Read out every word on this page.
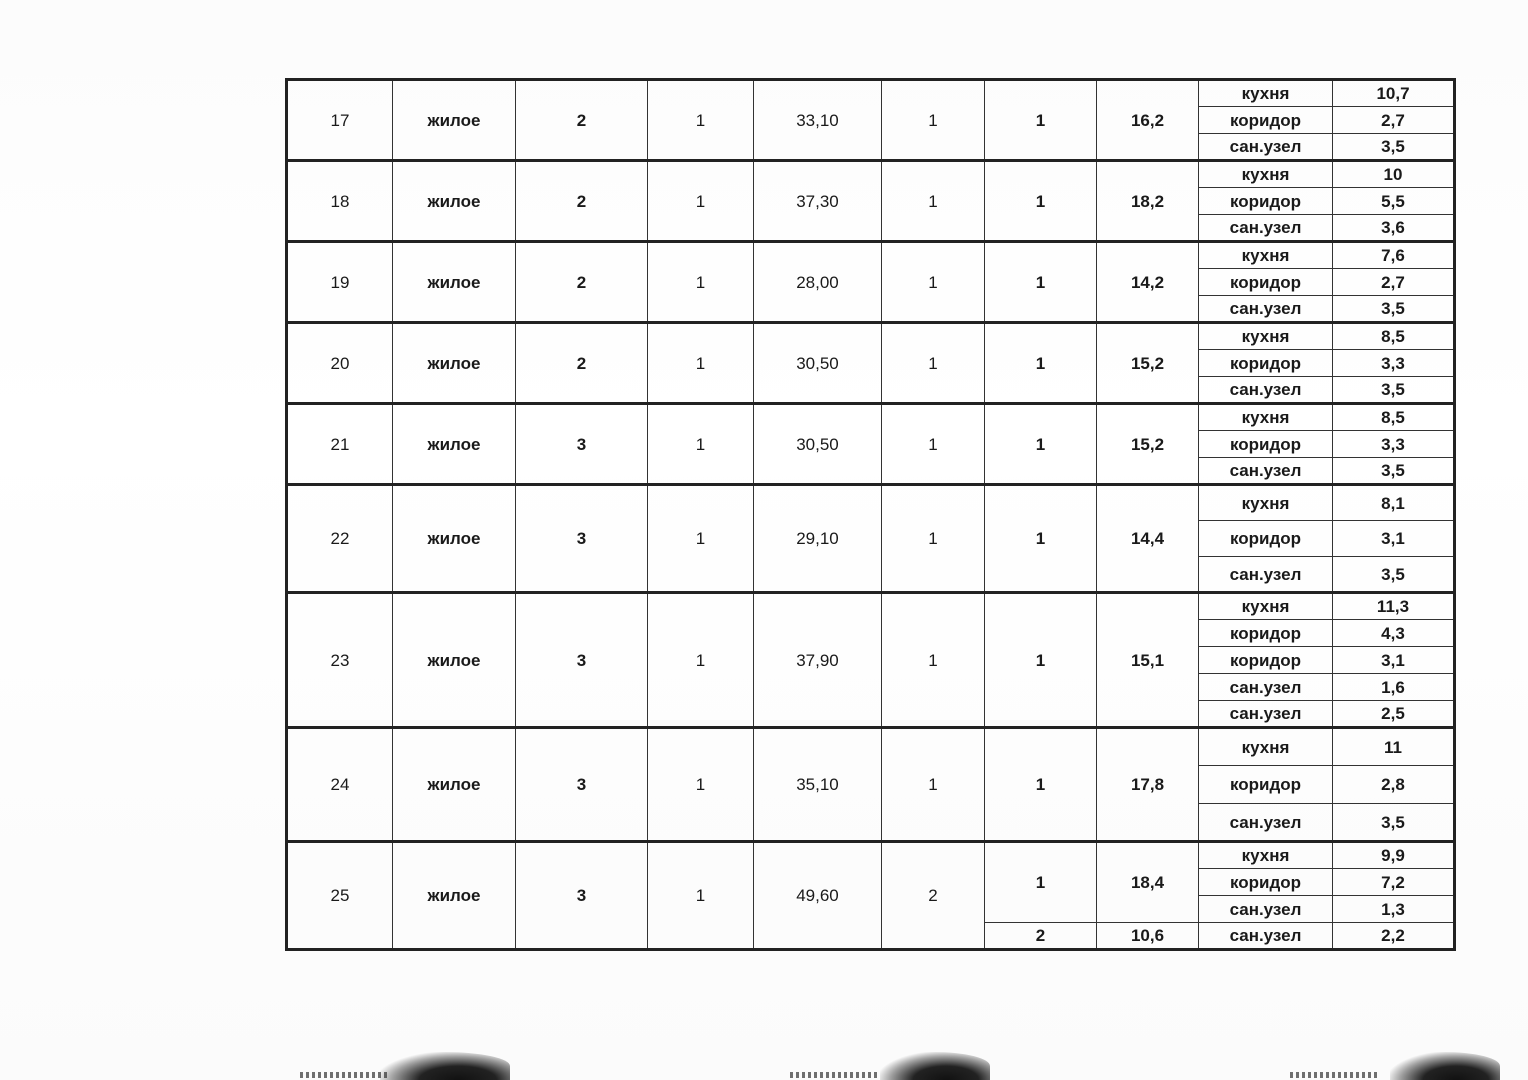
17	жилое	2	1	33,10	1	1	16,2	кухня	10,7
								коридор	2,7
								сан.узел	3,5
18	жилое	2	1	37,30	1	1	18,2	кухня	10
								коридор	5,5
								сан.узел	3,6
19	жилое	2	1	28,00	1	1	14,2	кухня	7,6
								коридор	2,7
								сан.узел	3,5
20	жилое	2	1	30,50	1	1	15,2	кухня	8,5
								коридор	3,3
								сан.узел	3,5
21	жилое	3	1	30,50	1	1	15,2	кухня	8,5
								коридор	3,3
								сан.узел	3,5
22	жилое	3	1	29,10	1	1	14,4	кухня	8,1
								коридор	3,1
								сан.узел	3,5
23	жилое	3	1	37,90	1	1	15,1	кухня	11,3
								коридор	4,3
								коридор	3,1
								сан.узел	1,6
								сан.узел	2,5
24	жилое	3	1	35,10	1	1	17,8	кухня	11
								коридор	2,8
								сан.узел	3,5
25	жилое	3	1	49,60	2	1	18,4	кухня	9,9
								коридор	7,2
								сан.узел	1,3
						2	10,6	сан.узел	2,2
